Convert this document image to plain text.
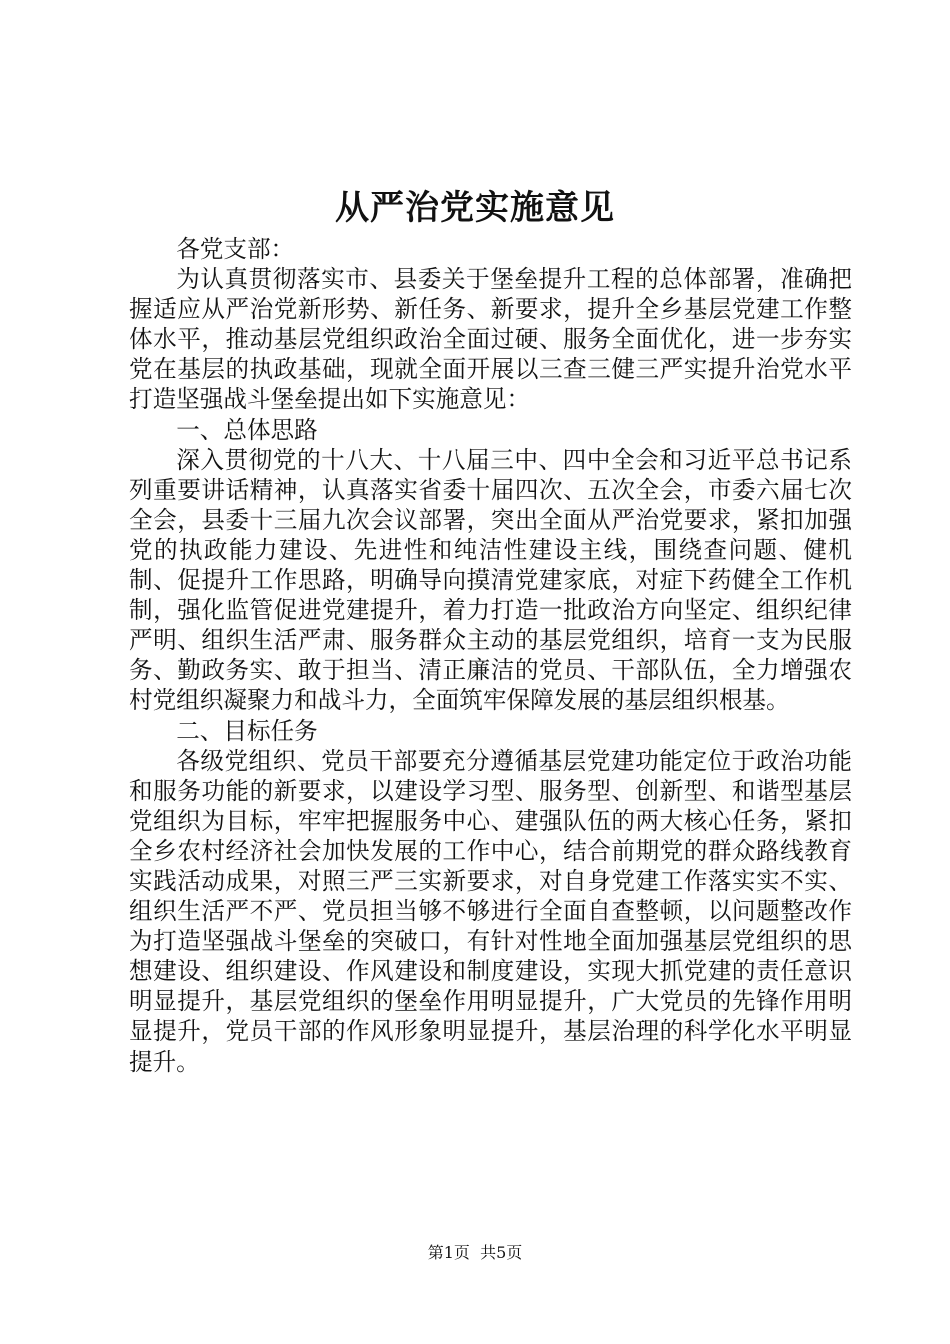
从严治党实施意见

各党支部：

为认真贯彻落实市、县委关于堡垒提升工程的总体部署，准确把握适应从严治党新形势、新任务、新要求，提升全乡基层党建工作整体水平，推动基层党组织政治全面过硬、服务全面优化，进一步夯实党在基层的执政基础，现就全面开展以三查三健三严实提升治党水平打造坚强战斗堡垒提出如下实施意见：

一、总体思路

深入贯彻党的十八大、十八届三中、四中全会和习近平总书记系列重要讲话精神，认真落实省委十届四次、五次全会，市委六届七次全会，县委十三届九次会议部署，突出全面从严治党要求，紧扣加强党的执政能力建设、先进性和纯洁性建设主线，围绕查问题、健机制、促提升工作思路，明确导向摸清党建家底，对症下药健全工作机制，强化监管促进党建提升，着力打造一批政治方向坚定、组织纪律严明、组织生活严肃、服务群众主动的基层党组织，培育一支为民服务、勤政务实、敢于担当、清正廉洁的党员、干部队伍，全力增强农村党组织凝聚力和战斗力，全面筑牢保障发展的基层组织根基。

二、目标任务

各级党组织、党员干部要充分遵循基层党建功能定位于政治功能和服务功能的新要求，以建设学习型、服务型、创新型、和谐型基层党组织为目标，牢牢把握服务中心、建强队伍的两大核心任务，紧扣全乡农村经济社会加快发展的工作中心，结合前期党的群众路线教育实践活动成果，对照三严三实新要求，对自身党建工作落实实不实、组织生活严不严、党员担当够不够进行全面自查整顿，以问题整改作为打造坚强战斗堡垒的突破口，有针对性地全面加强基层党组织的思想建设、组织建设、作风建设和制度建设，实现大抓党建的责任意识明显提升，基层党组织的堡垒作用明显提升，广大党员的先锋作用明显提升，党员干部的作风形象明显提升，基层治理的科学化水平明显提升。

第1页 共5页
